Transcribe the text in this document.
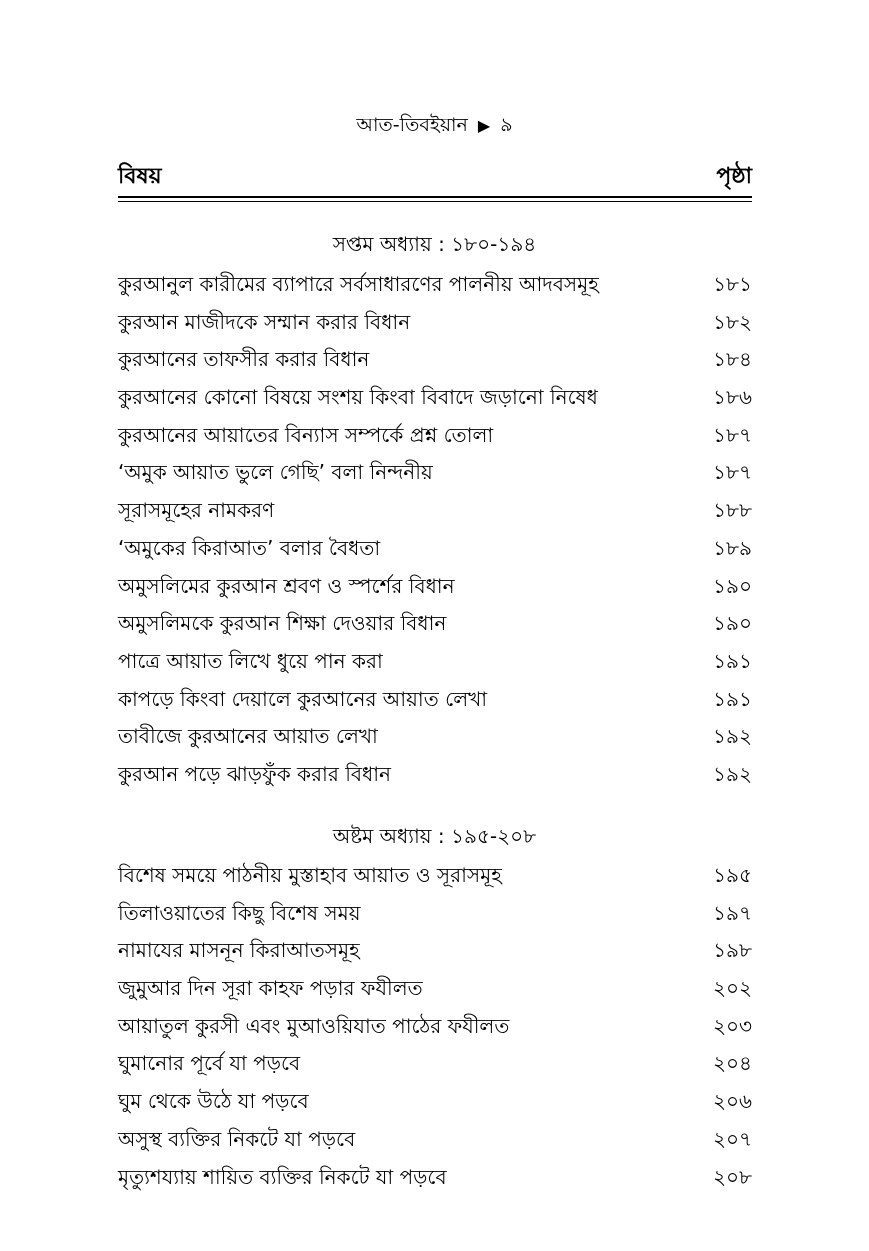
আত-তিবইয়ান ▶ ৯
বিষয়	পৃষ্ঠা
সপ্তম অধ্যায় : ১৮০-১৯৪
কুরআনুল কারীমের ব্যাপারে সর্বসাধারণের পালনীয় আদবসমূহ	১৮১
কুরআন মাজীদকে সম্মান করার বিধান	১৮২
কুরআনের তাফসীর করার বিধান	১৮৪
কুরআনের কোনো বিষয়ে সংশয় কিংবা বিবাদে জড়ানো নিষেধ	১৮৬
কুরআনের আয়াতের বিন্যাস সম্পর্কে প্রশ্ন তোলা	১৮৭
‘অমুক আয়াত ভুলে গেছি’ বলা নিন্দনীয়	১৮৭
সূরাসমূহের নামকরণ	১৮৮
‘অমুকের কিরাআত’ বলার বৈধতা	১৮৯
অমুসলিমের কুরআন শ্রবণ ও স্পর্শের বিধান	১৯০
অমুসলিমকে কুরআন শিক্ষা দেওয়ার বিধান	১৯০
পাত্রে আয়াত লিখে ধুয়ে পান করা	১৯১
কাপড়ে কিংবা দেয়ালে কুরআনের আয়াত লেখা	১৯১
তাবীজে কুরআনের আয়াত লেখা	১৯২
কুরআন পড়ে ঝাড়ফুঁক করার বিধান	১৯২
অষ্টম অধ্যায় : ১৯৫-২০৮
বিশেষ সময়ে পাঠনীয় মুস্তাহাব আয়াত ও সূরাসমূহ	১৯৫
তিলাওয়াতের কিছু বিশেষ সময়	১৯৭
নামাযের মাসনূন কিরাআতসমূহ	১৯৮
জুমুআর দিন সূরা কাহফ পড়ার ফযীলত	২০২
আয়াতুল কুরসী এবং মুআওয়িযাত পাঠের ফযীলত	২০৩
ঘুমানোর পূর্বে যা পড়বে	২০৪
ঘুম থেকে উঠে যা পড়বে	২০৬
অসুস্থ ব্যক্তির নিকটে যা পড়বে	২০৭
মৃত্যুশয্যায় শায়িত ব্যক্তির নিকটে যা পড়বে	২০৮
